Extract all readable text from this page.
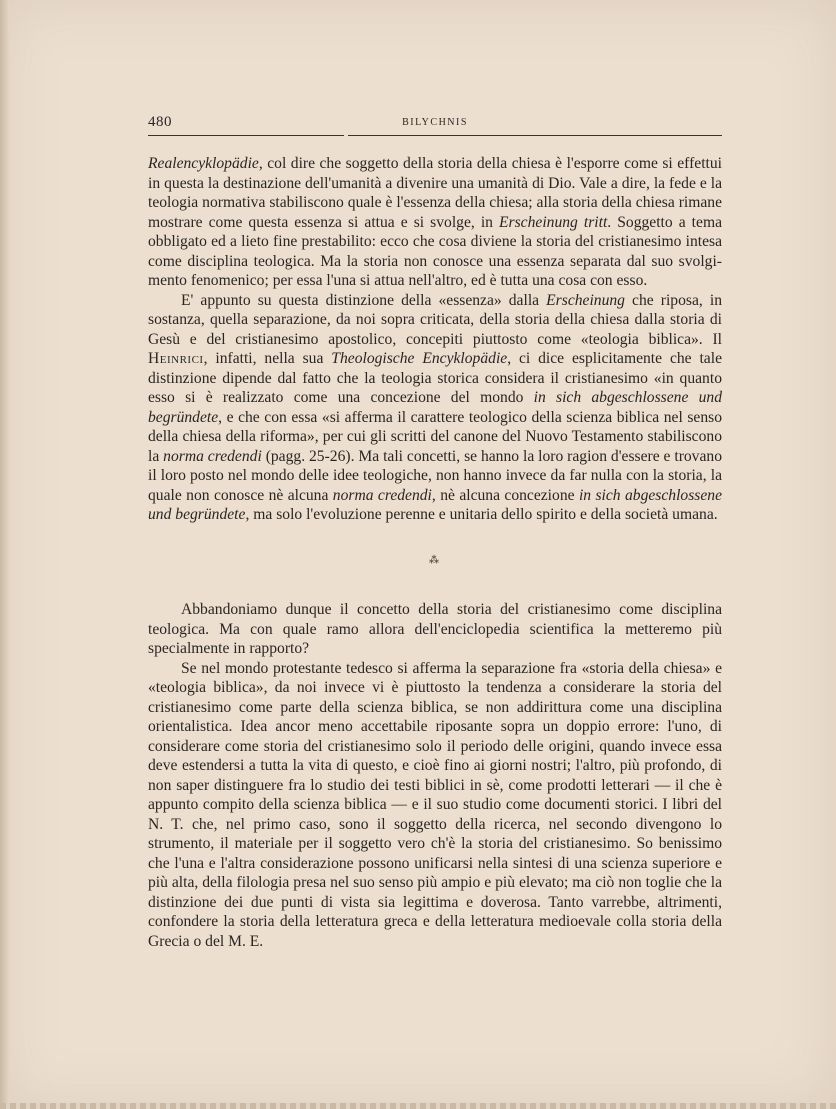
480	BILYCHNIS

Realencyklopädie, col dire che soggetto della storia della chiesa è l'esporre come si effettui in questa la destinazione dell'umanità a divenire una umanità di Dio. Vale a dire, la fede e la teologia normativa stabiliscono quale è l'essenza della chiesa; alla storia della chiesa rimane mostrare come questa essenza si attua e si svolge, in Erscheinung tritt. Soggetto a tema obbligato ed a lieto fine prestabilito: ecco che cosa diviene la storia del cristianesimo intesa come disciplina teologica. Ma la storia non conosce una essenza separata dal suo svolgimento fenomenico; per essa l'una si attua nell'altro, ed è tutta una cosa con esso.

E' appunto su questa distinzione della «essenza» dalla Erscheinung che riposa, in sostanza, quella separazione, da noi sopra criticata, della storia della chiesa dalla storia di Gesù e del cristianesimo apostolico, concepiti piuttosto come «teologia biblica». Il Heinrici, infatti, nella sua Theologische Encyklopädie, ci dice esplicitamente che tale distinzione dipende dal fatto che la teologia storica considera il cristianesimo «in quanto esso si è realizzato come una concezione del mondo in sich abgeschlossene und begründete, e che con essa «si afferma il carattere teologico della scienza biblica nel senso della chiesa della riforma», per cui gli scritti del canone del Nuovo Testamento stabiliscono la norma credendi (pagg. 25-26). Ma tali concetti, se hanno la loro ragion d'essere e trovano il loro posto nel mondo delle idee teologiche, non hanno invece da far nulla con la storia, la quale non conosce nè alcuna norma credendi, nè alcuna concezione in sich abgeschlossene und begründete, ma solo l'evoluzione perenne e unitaria dello spirito e della società umana.

⁂

Abbandoniamo dunque il concetto della storia del cristianesimo come disciplina teologica. Ma con quale ramo allora dell'enciclopedia scientifica la metteremo più specialmente in rapporto?

Se nel mondo protestante tedesco si afferma la separazione fra «storia della chiesa» e «teologia biblica», da noi invece vi è piuttosto la tendenza a considerare la storia del cristianesimo come parte della scienza biblica, se non addirittura come una disciplina orientalistica. Idea ancor meno accettabile riposante sopra un doppio errore: l'uno, di considerare come storia del cristianesimo solo il periodo delle origini, quando invece essa deve estendersi a tutta la vita di questo, e cioè fino ai giorni nostri; l'altro, più profondo, di non saper distinguere fra lo studio dei testi biblici in sè, come prodotti letterari — il che è appunto compito della scienza biblica — e il suo studio come documenti storici. I libri del N. T. che, nel primo caso, sono il soggetto della ricerca, nel secondo divengono lo strumento, il materiale per il soggetto vero ch'è la storia del cristianesimo. So benissimo che l'una e l'altra considerazione possono unificarsi nella sintesi di una scienza superiore e più alta, della filologia presa nel suo senso più ampio e più elevato; ma ciò non toglie che la distinzione dei due punti di vista sia legittima e doverosa. Tanto varrebbe, altrimenti, confondere la storia della letteratura greca e della letteratura medioevale colla storia della Grecia o del M. E.
